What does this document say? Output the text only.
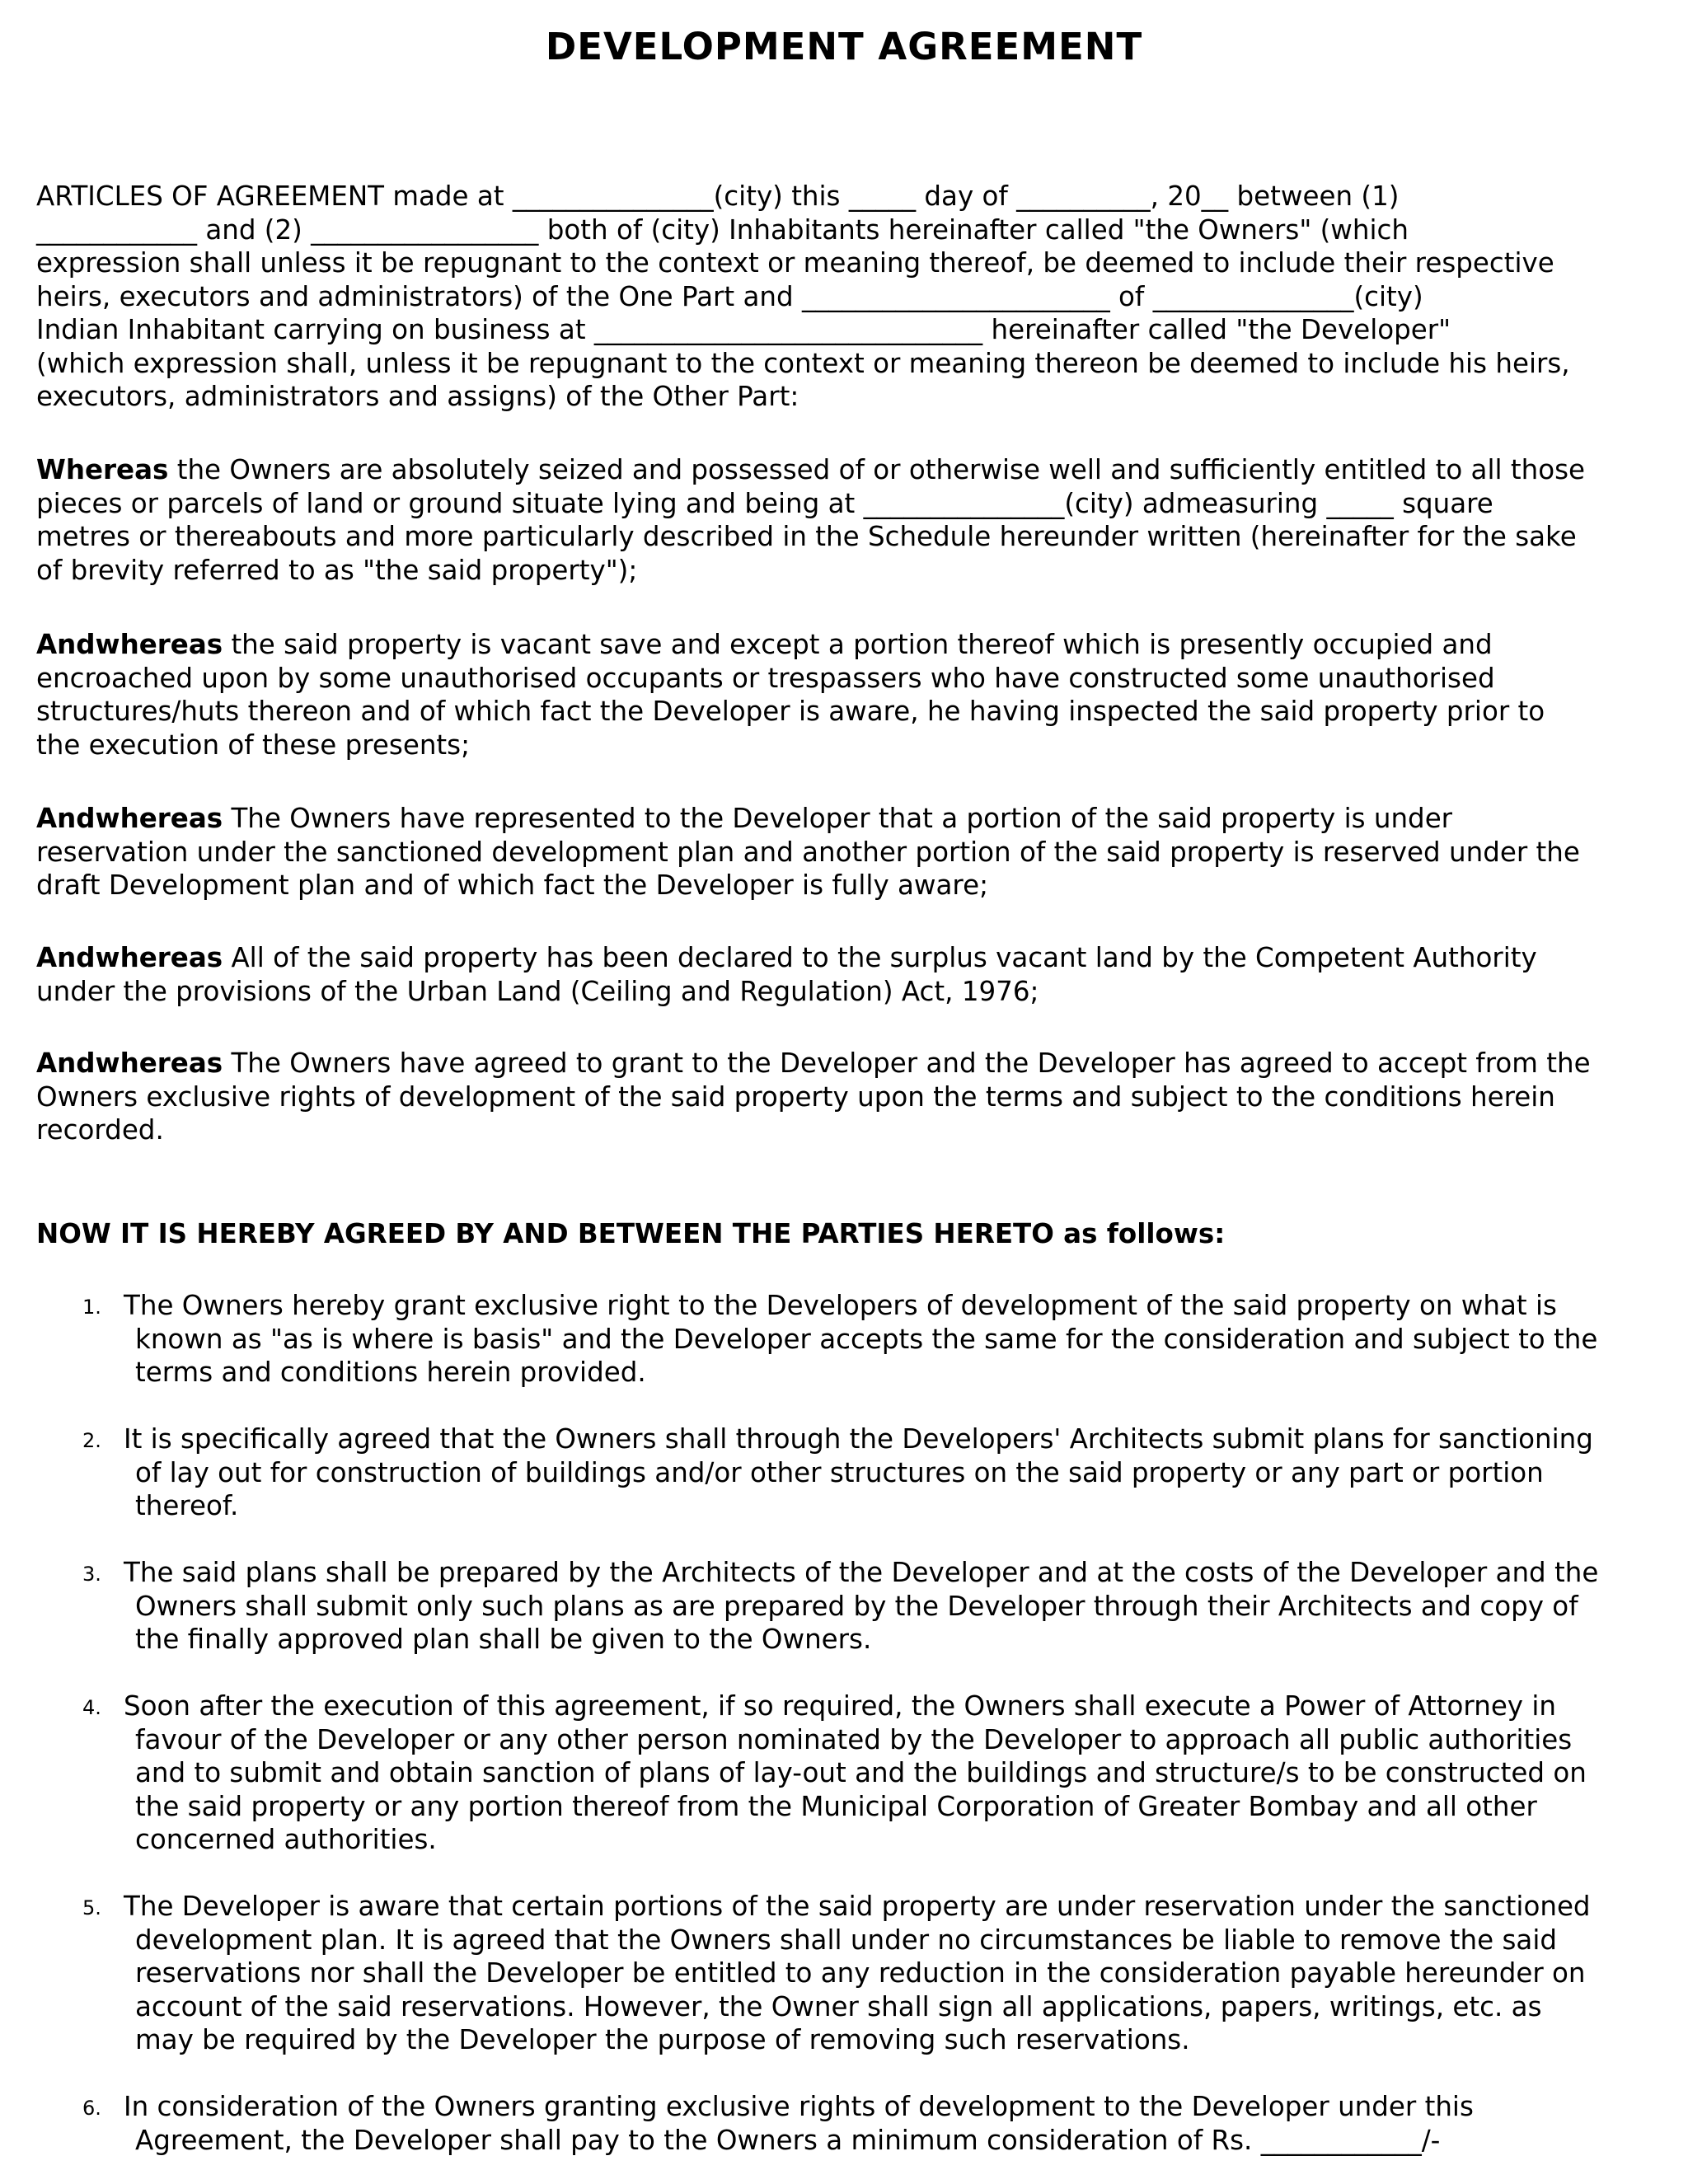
DEVELOPMENT AGREEMENT

ARTICLES OF AGREEMENT made at _______________(city) this _____ day of __________, 20__ between (1)
____________ and (2) _________________ both of (city) Inhabitants hereinafter called "the Owners" (which
expression shall unless it be repugnant to the context or meaning thereof, be deemed to include their respective
heirs, executors and administrators) of the One Part and _______________________ of _______________(city)
Indian Inhabitant carrying on business at _____________________________ hereinafter called "the Developer"
(which expression shall, unless it be repugnant to the context or meaning thereon be deemed to include his heirs,
executors, administrators and assigns) of the Other Part:

Whereas the Owners are absolutely seized and possessed of or otherwise well and sufficiently entitled to all those
pieces or parcels of land or ground situate lying and being at _______________(city) admeasuring _____ square
metres or thereabouts and more particularly described in the Schedule hereunder written (hereinafter for the sake
of brevity referred to as "the said property");

Andwhereas the said property is vacant save and except a portion thereof which is presently occupied and
encroached upon by some unauthorised occupants or trespassers who have constructed some unauthorised
structures/huts thereon and of which fact the Developer is aware, he having inspected the said property prior to
the execution of these presents;

Andwhereas The Owners have represented to the Developer that a portion of the said property is under
reservation under the sanctioned development plan and another portion of the said property is reserved under the
draft Development plan and of which fact the Developer is fully aware;

Andwhereas All of the said property has been declared to the surplus vacant land by the Competent Authority
under the provisions of the Urban Land (Ceiling and Regulation) Act, 1976;

Andwhereas The Owners have agreed to grant to the Developer and the Developer has agreed to accept from the
Owners exclusive rights of development of the said property upon the terms and subject to the conditions herein
recorded.

NOW IT IS HEREBY AGREED BY AND BETWEEN THE PARTIES HERETO as follows:

1. The Owners hereby grant exclusive right to the Developers of development of the said property on what is
known as "as is where is basis" and the Developer accepts the same for the consideration and subject to the
terms and conditions herein provided.
2. It is specifically agreed that the Owners shall through the Developers' Architects submit plans for sanctioning
of lay out for construction of buildings and/or other structures on the said property or any part or portion
thereof.
3. The said plans shall be prepared by the Architects of the Developer and at the costs of the Developer and the
Owners shall submit only such plans as are prepared by the Developer through their Architects and copy of
the finally approved plan shall be given to the Owners.
4. Soon after the execution of this agreement, if so required, the Owners shall execute a Power of Attorney in
favour of the Developer or any other person nominated by the Developer to approach all public authorities
and to submit and obtain sanction of plans of lay-out and the buildings and structure/s to be constructed on
the said property or any portion thereof from the Municipal Corporation of Greater Bombay and all other
concerned authorities.
5. The Developer is aware that certain portions of the said property are under reservation under the sanctioned
development plan. It is agreed that the Owners shall under no circumstances be liable to remove the said
reservations nor shall the Developer be entitled to any reduction in the consideration payable hereunder on
account of the said reservations. However, the Owner shall sign all applications, papers, writings, etc. as
may be required by the Developer the purpose of removing such reservations.
6. In consideration of the Owners granting exclusive rights of development to the Developer under this
Agreement, the Developer shall pay to the Owners a minimum consideration of Rs. ____________/-
